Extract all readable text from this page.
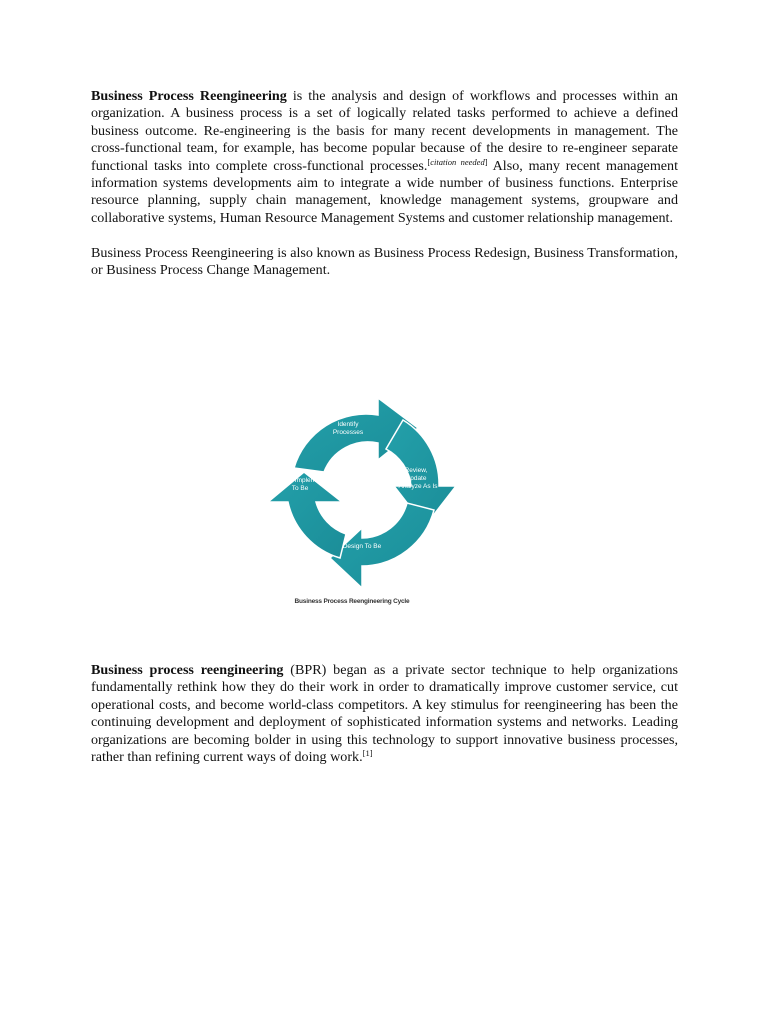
Business Process Reengineering is the analysis and design of workflows and processes within an organization. A business process is a set of logically related tasks performed to achieve a defined business outcome. Re-engineering is the basis for many recent developments in management. The cross-functional team, for example, has become popular because of the desire to re-engineer separate functional tasks into complete cross-functional processes.[citation needed] Also, many recent management information systems developments aim to integrate a wide number of business functions. Enterprise resource planning, supply chain management, knowledge management systems, groupware and collaborative systems, Human Resource Management Systems and customer relationship management.

Business Process Reengineering is also known as Business Process Redesign, Business Transformation, or Business Process Change Management.

Identify
Processes
Review,
Update
Analyze As Is
Design To Be
Test & Implement
To Be
Business Process Reengineering Cycle

Business process reengineering (BPR) began as a private sector technique to help organizations fundamentally rethink how they do their work in order to dramatically improve customer service, cut operational costs, and become world-class competitors. A key stimulus for reengineering has been the continuing development and deployment of sophisticated information systems and networks. Leading organizations are becoming bolder in using this technology to support innovative business processes, rather than refining current ways of doing work.[1]
